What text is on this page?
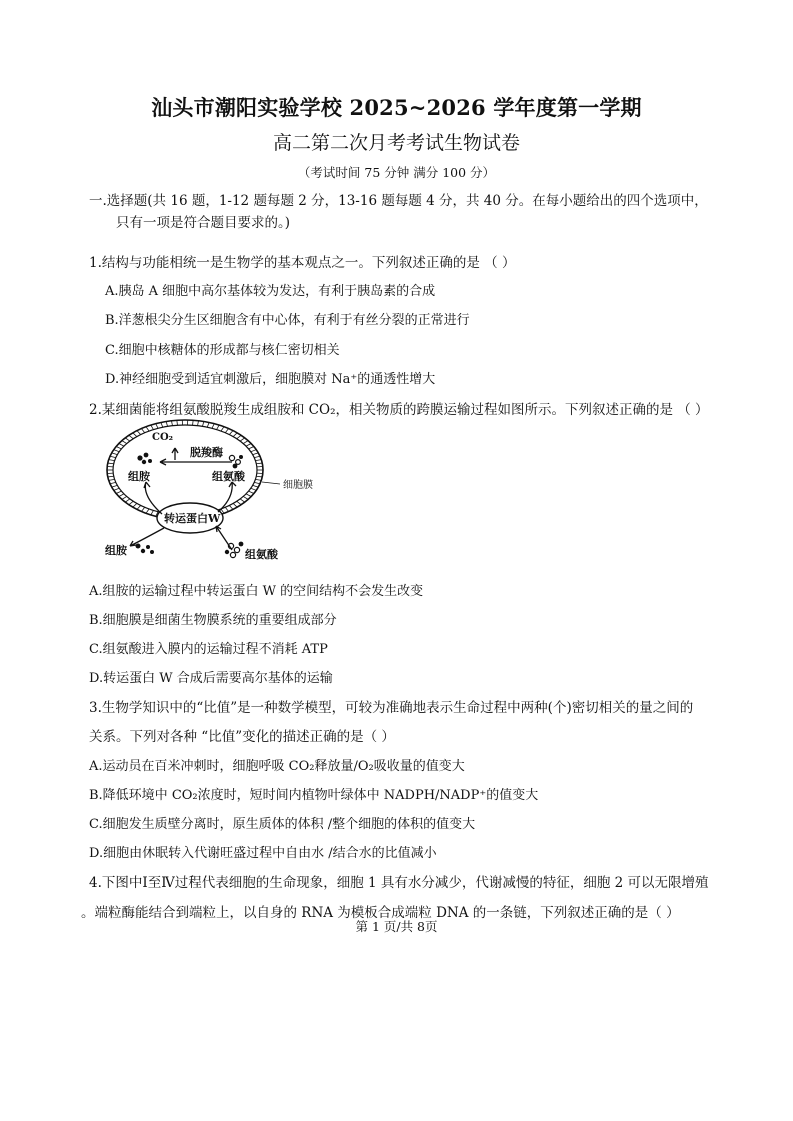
汕头市潮阳实验学校 2025~2026 学年度第一学期
高二第二次月考考试生物试卷
（考试时间 75 分钟 满分 100 分）
一.选择题(共 16 题，1-12 题每题 2 分，13-16 题每题 4 分，共 40 分。在每小题给出的四个选项中，
只有一项是符合题目要求的。)
1.结构与功能相统一是生物学的基本观点之一。下列叙述正确的是 （ ）
A.胰岛 A 细胞中高尔基体较为发达，有利于胰岛素的合成
B.洋葱根尖分生区细胞含有中心体，有利于有丝分裂的正常进行
C.细胞中核糖体的形成都与核仁密切相关
D.神经细胞受到适宜刺激后，细胞膜对 Na⁺的通透性增大
2.某细菌能将组氨酸脱羧生成组胺和 CO₂，相关物质的跨膜运输过程如图所示。下列叙述正确的是 （ ）
CO₂
脱羧酶
组胺	组氨酸
细胞膜
转运蛋白W
组胺	组氨酸
A.组胺的运输过程中转运蛋白 W 的空间结构不会发生改变
B.细胞膜是细菌生物膜系统的重要组成部分
C.组氨酸进入膜内的运输过程不消耗 ATP
D.转运蛋白 W 合成后需要高尔基体的运输
3.生物学知识中的“比值”是一种数学模型，可较为准确地表示生命过程中两种(个)密切相关的量之间的
关系。下列对各种 “比值”变化的描述正确的是（ ）
A.运动员在百米冲刺时，细胞呼吸 CO₂释放量/O₂吸收量的值变大
B.降低环境中 CO₂浓度时，短时间内植物叶绿体中 NADPH/NADP⁺的值变大
C.细胞发生质壁分离时，原生质体的体积 /整个细胞的体积的值变大
D.细胞由休眠转入代谢旺盛过程中自由水 /结合水的比值减小
4.下图中Ⅰ至Ⅳ过程代表细胞的生命现象，细胞 1 具有水分减少，代谢减慢的特征，细胞 2 可以无限增殖
。端粒酶能结合到端粒上，以自身的 RNA 为模板合成端粒 DNA 的一条链，下列叙述正确的是（ ）
第 1 页/共 8页
